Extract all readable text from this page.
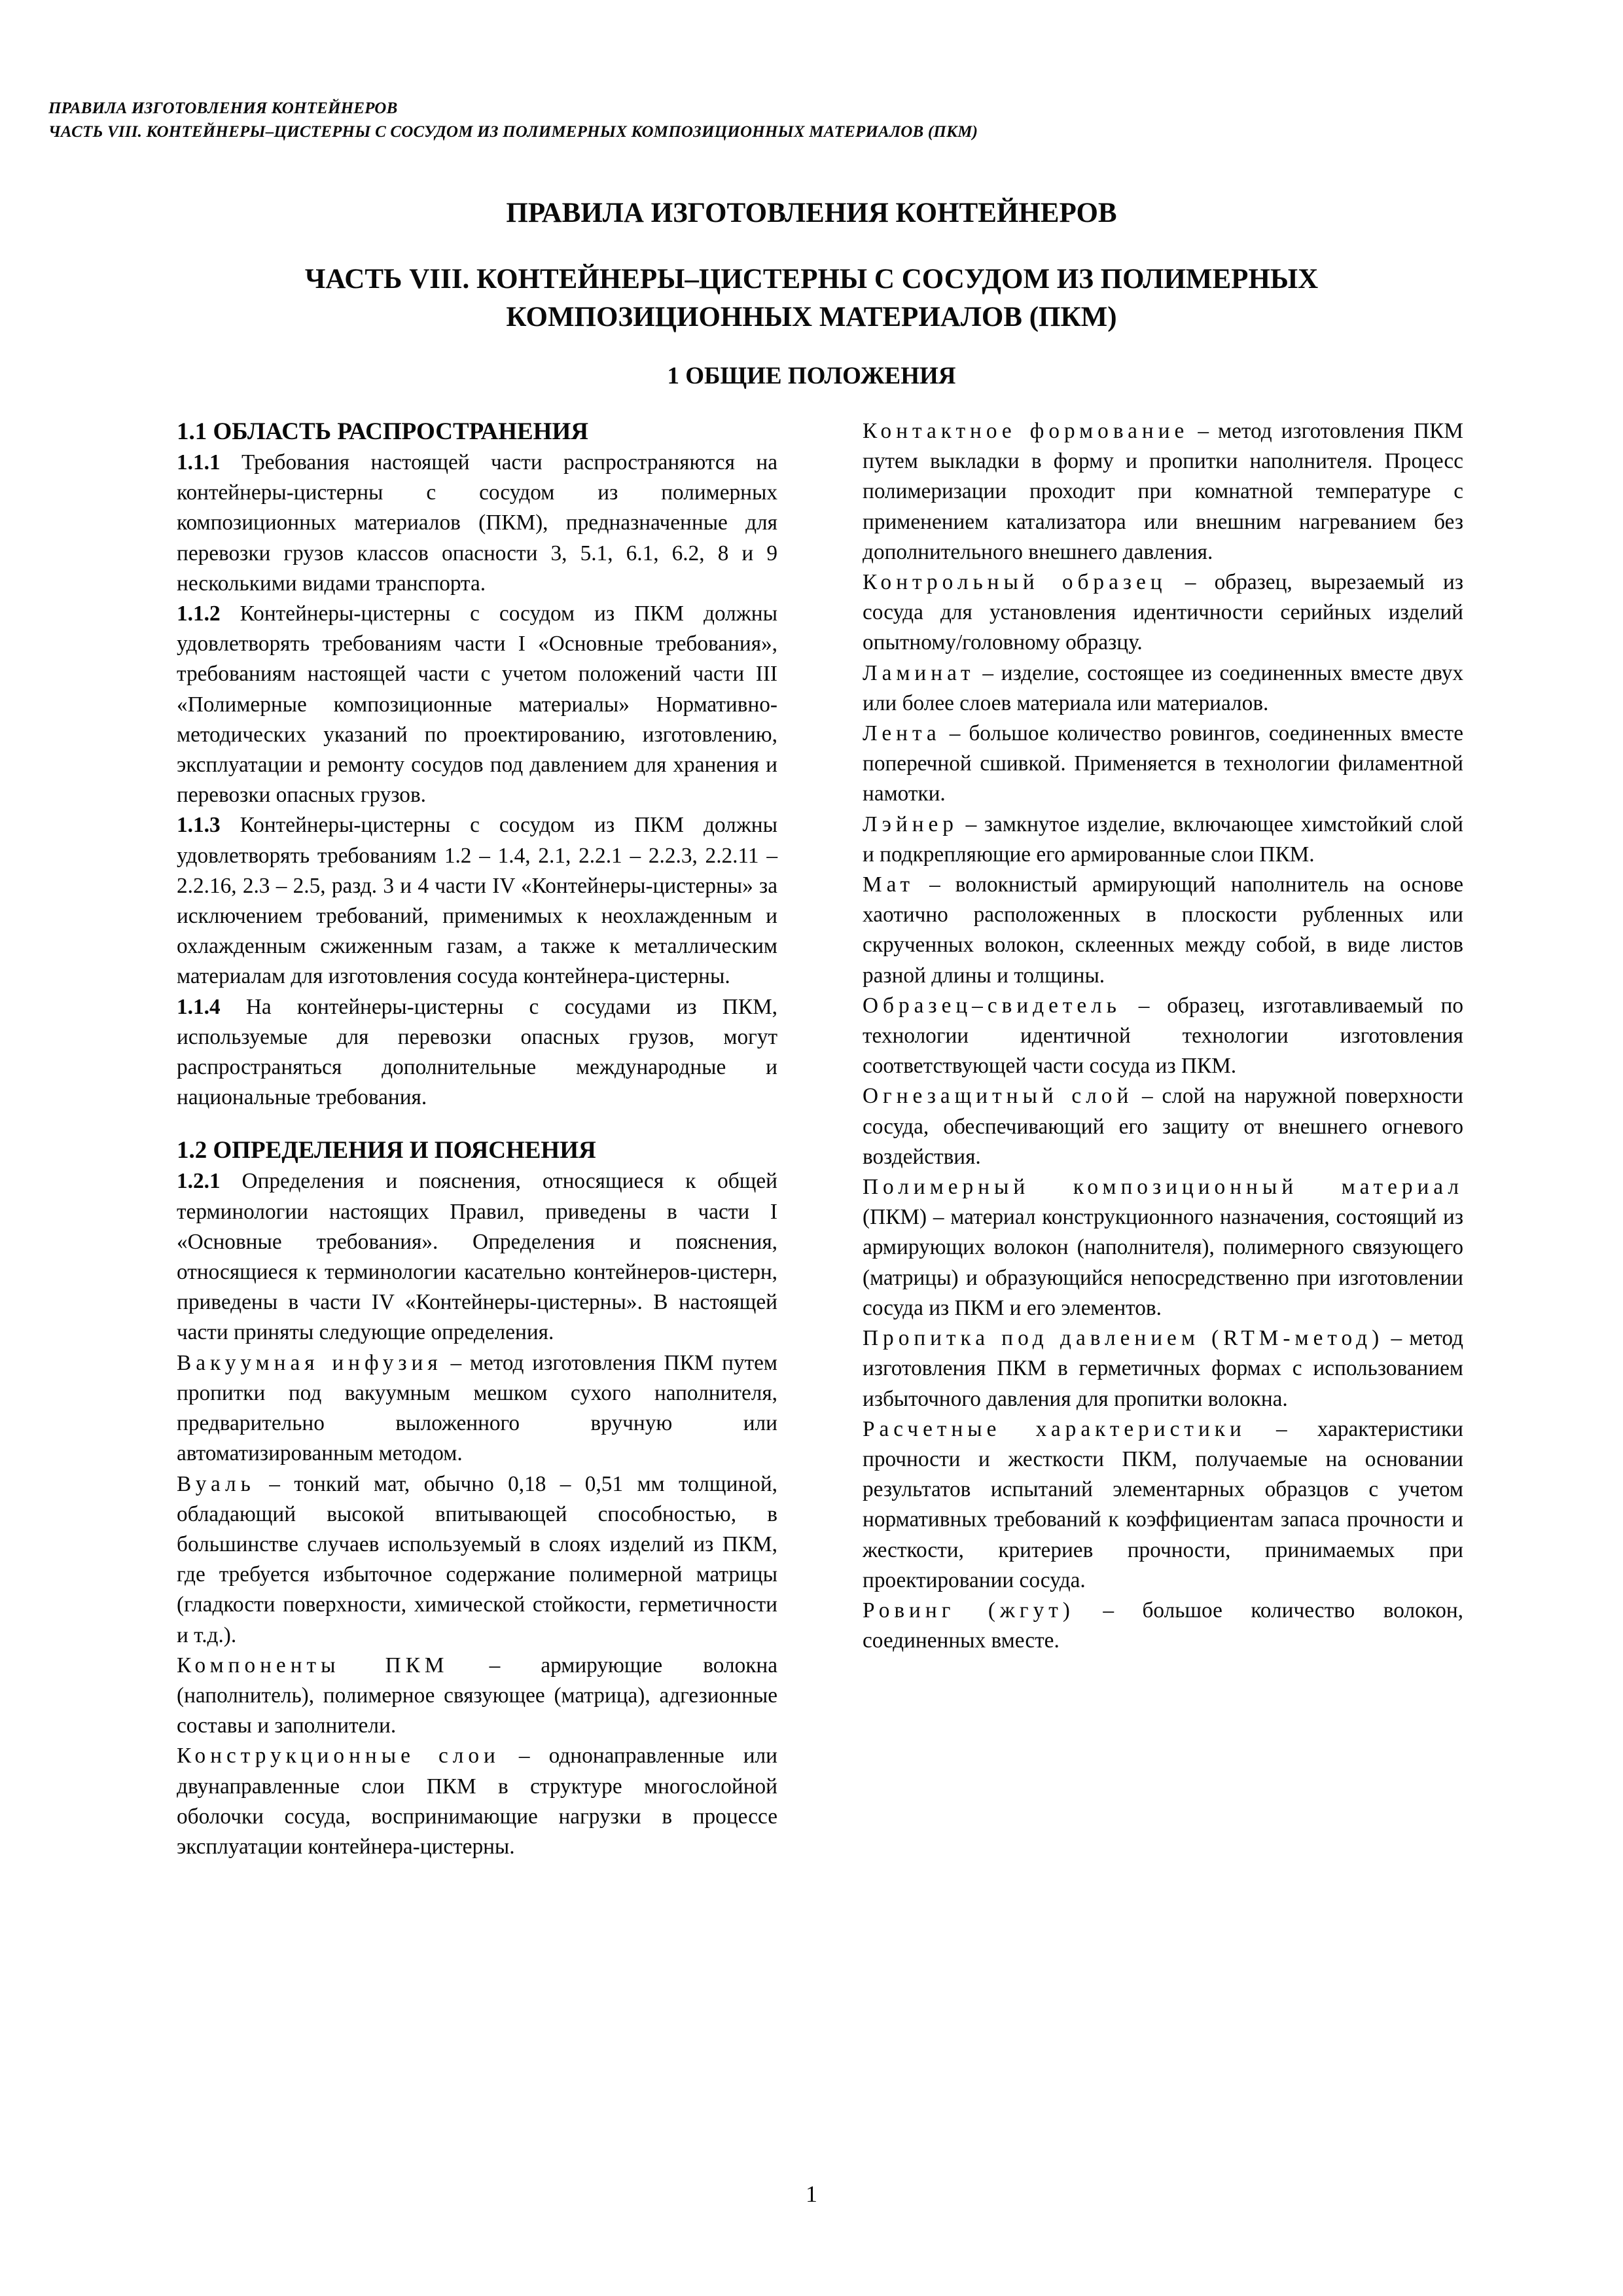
ПРАВИЛА ИЗГОТОВЛЕНИЯ КОНТЕЙНЕРОВ
ЧАСТЬ VIII. КОНТЕЙНЕРЫ–ЦИСТЕРНЫ С СОСУДОМ ИЗ ПОЛИМЕРНЫХ КОМПОЗИЦИОННЫХ МАТЕРИАЛОВ (ПКМ)
ПРАВИЛА ИЗГОТОВЛЕНИЯ КОНТЕЙНЕРОВ
ЧАСТЬ VIII. КОНТЕЙНЕРЫ–ЦИСТЕРНЫ С СОСУДОМ ИЗ ПОЛИМЕРНЫХ
КОМПОЗИЦИОННЫХ МАТЕРИАЛОВ (ПКМ)
1 ОБЩИЕ ПОЛОЖЕНИЯ

1.1 ОБЛАСТЬ РАСПРОСТРАНЕНИЯ

1.1.1 Требования настоящей части распространяются на контейнеры-цистерны с сосудом из полимерных композиционных материалов (ПКМ), предназначенные для перевозки грузов классов опасности 3, 5.1, 6.1, 6.2, 8 и 9 несколькими видами транспорта.

1.1.2 Контейнеры-цистерны с сосудом из ПКМ должны удовлетворять требованиям части I «Основные требования», требованиям настоящей части с учетом положений части III «Полимерные композиционные материалы» Нормативно-методических указаний по проектированию, изготовлению, эксплуатации и ремонту сосудов под давлением для хранения и перевозки опасных грузов.

1.1.3 Контейнеры-цистерны с сосудом из ПКМ должны удовлетворять требованиям 1.2 – 1.4, 2.1, 2.2.1 – 2.2.3, 2.2.11 – 2.2.16, 2.3 – 2.5, разд. 3 и 4 части IV «Контейнеры-цистерны» за исключением требований, применимых к неохлажденным и охлажденным сжиженным газам, а также к металлическим материалам для изготовления сосуда контейнера-цистерны.

1.1.4 На контейнеры-цистерны с сосудами из ПКМ, используемые для перевозки опасных грузов, могут распространяться дополнительные международные и национальные требования.

1.2 ОПРЕДЕЛЕНИЯ И ПОЯСНЕНИЯ

1.2.1 Определения и пояснения, относящиеся к общей терминологии настоящих Правил, приведены в части I «Основные требования». Определения и пояснения, относящиеся к терминологии касательно контейнеров-цистерн, приведены в части IV «Контейнеры-цистерны». В настоящей части приняты следующие определения.

Вакуумная инфузия – метод изготовления ПКМ путем пропитки под вакуумным мешком сухого наполнителя, предварительно выложенного вручную или автоматизированным методом.

Вуаль – тонкий мат, обычно 0,18 – 0,51 мм толщиной, обладающий высокой впитывающей способностью, в большинстве случаев используемый в слоях изделий из ПКМ, где требуется избыточное содержание полимерной матрицы (гладкости поверхности, химической стойкости, герметичности и т.д.).

Компоненты ПКМ – армирующие волокна (наполнитель), полимерное связующее (матрица), адгезионные составы и заполнители.

Конструкционные слои – однонаправленные или двунаправленные слои ПКМ в структуре многослойной оболочки сосуда, воспринимающие нагрузки в процессе эксплуатации контейнера-цистерны.

Контактное формование – метод изготовления ПКМ путем выкладки в форму и пропитки наполнителя. Процесс полимеризации проходит при комнатной температуре с применением катализатора или внешним нагреванием без дополнительного внешнего давления.

Контрольный образец – образец, вырезаемый из сосуда для установления идентичности серийных изделий опытному/головному образцу.

Ламинат – изделие, состоящее из соединенных вместе двух или более слоев материала или материалов.

Лента – большое количество ровингов, соединенных вместе поперечной сшивкой. Применяется в технологии филаментной намотки.

Лэйнер – замкнутое изделие, включающее химстойкий слой и подкрепляющие его армированные слои ПКМ.

Мат – волокнистый армирующий наполнитель на основе хаотично расположенных в плоскости рубленных или скрученных волокон, склеенных между собой, в виде листов разной длины и толщины.

Образец–свидетель – образец, изготавливаемый по технологии идентичной технологии изготовления соответствующей части сосуда из ПКМ.

Огнезащитный слой – слой на наружной поверхности сосуда, обеспечивающий его защиту от внешнего огневого воздействия.

Полимерный композиционный материал (ПКМ) – материал конструкционного назначения, состоящий из армирующих волокон (наполнителя), полимерного связующего (матрицы) и образующийся непосредственно при изготовлении сосуда из ПКМ и его элементов.

Пропитка под давлением (RTM-метод) – метод изготовления ПКМ в герметичных формах с использованием избыточного давления для пропитки волокна.

Расчетные характеристики – характеристики прочности и жесткости ПКМ, получаемые на основании результатов испытаний элементарных образцов с учетом нормативных требований к коэффициентам запаса прочности и жесткости, критериев прочности, принимаемых при проектировании сосуда.

Ровинг (жгут) – большое количество волокон, соединенных вместе.

1
